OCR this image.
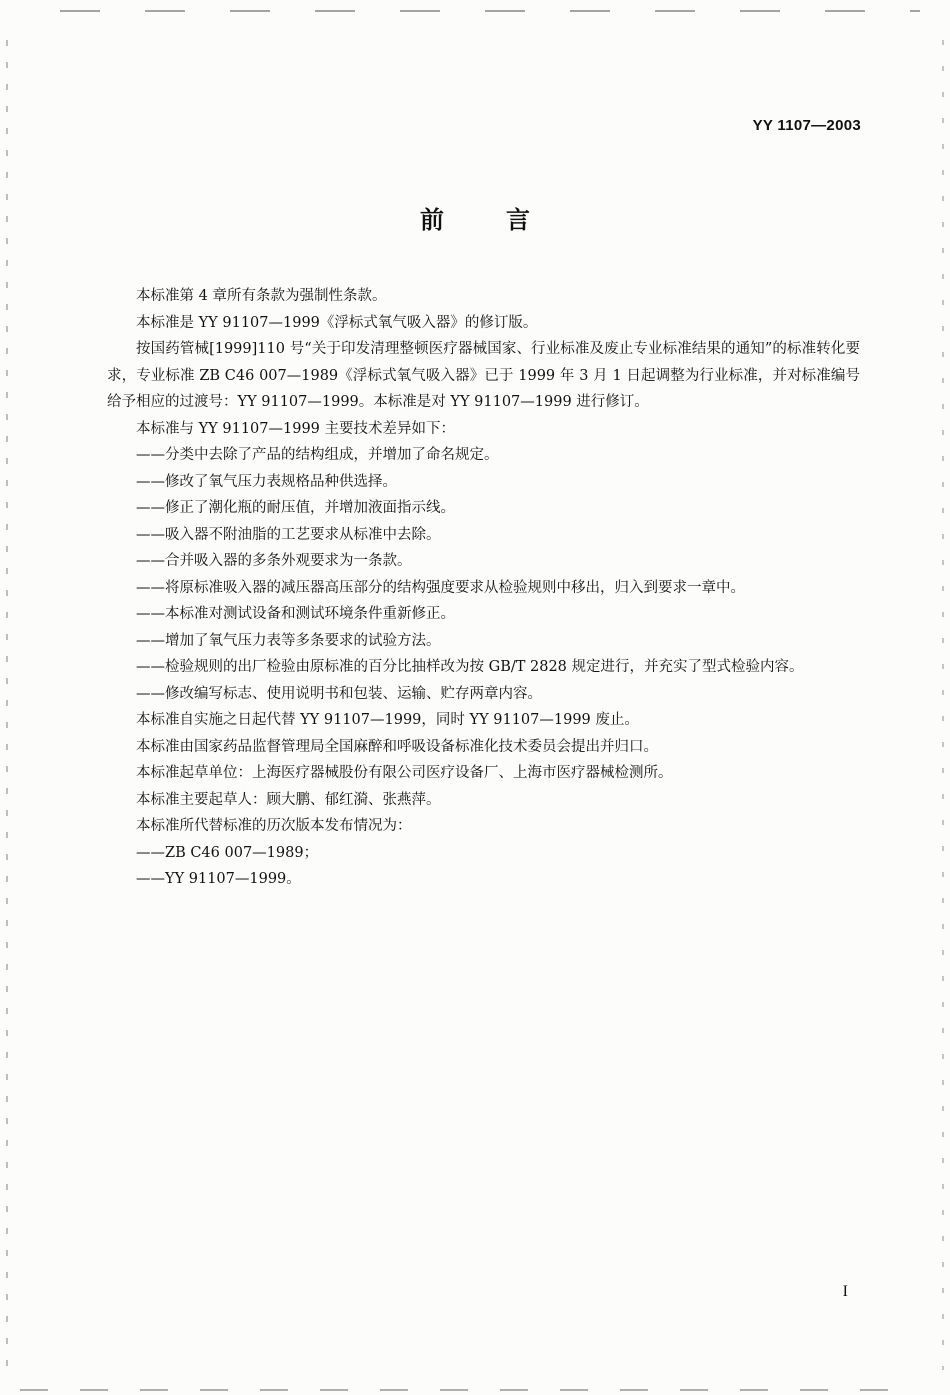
YY 1107—2003
前言

本标准第 4 章所有条款为强制性条款。

本标准是 YY 91107—1999《浮标式氧气吸入器》的修订版。

按国药管械[1999]110 号“关于印发清理整顿医疗器械国家、行业标准及废止专业标准结果的通知”的标准转化要求，专业标准 ZB C46 007—1989《浮标式氧气吸入器》已于 1999 年 3 月 1 日起调整为行业标准，并对标准编号给予相应的过渡号：YY 91107—1999。本标准是对 YY 91107—1999 进行修订。

本标准与 YY 91107—1999 主要技术差异如下：

——分类中去除了产品的结构组成，并增加了命名规定。

——修改了氧气压力表规格品种供选择。

——修正了潮化瓶的耐压值，并增加液面指示线。

——吸入器不附油脂的工艺要求从标准中去除。

——合并吸入器的多条外观要求为一条款。

——将原标准吸入器的减压器高压部分的结构强度要求从检验规则中移出，归入到要求一章中。

——本标准对测试设备和测试环境条件重新修正。

——增加了氧气压力表等多条要求的试验方法。

——检验规则的出厂检验由原标准的百分比抽样改为按 GB/T 2828 规定进行，并充实了型式检验内容。

——修改编写标志、使用说明书和包装、运输、贮存两章内容。

本标准自实施之日起代替 YY 91107—1999，同时 YY 91107—1999 废止。

本标准由国家药品监督管理局全国麻醉和呼吸设备标准化技术委员会提出并归口。

本标准起草单位：上海医疗器械股份有限公司医疗设备厂、上海市医疗器械检测所。

本标准主要起草人：顾大鹏、郁红漪、张燕萍。

本标准所代替标准的历次版本发布情况为：

——ZB C46 007—1989；

——YY 91107—1999。

I
